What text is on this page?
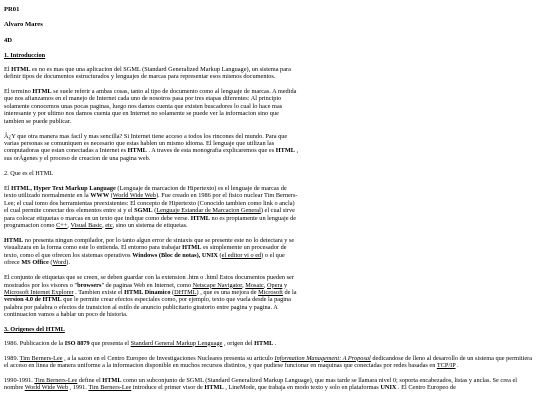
PR01
Alvaro Mares
4D
1. Introduccion

El HTML es no es mas que una aplicacion del SGML (Standard Generalized Markup Language), un sistema para definir tipos de documentos estructurados y lenguajes de marcas para representar esos mismos documentos.

El termino HTML se suele referir a ambas cosas, tanto al tipo de documento como al lenguaje de marcas. A medida que nos afianzamos en el manejo de Internet cada uno de nosotros pasa por tres etapas diferentes: Al principio solamente conocemos unas pocas paginas, luego nos damos cuenta que existen buscadores lo cual lo hace mas interesante y por ultimo nos damos cuenta que en Internet no solamente se puede ver la informacion sino que tambien se puede publicar.

Â¿Y que otra manera mas facil y mas sencilla? Si Internet tiene acceso a todos los rincones del mundo. Para que varias personas se comuniquen es necesario que estas hablen un mismo idioma. El lenguaje que utilizan las computadoras que estan conectadas a Internet es HTML . A traves de esta monografia explicaremos que es HTML , sus orÃgenes y el proceso de creacion de una pagina web.

2. Que es el HTML

El HTML, Hyper Text Markup Language (Lenguaje de marcacion de Hipertexto) es el lenguaje de marcas de texto utilizado normalmente en la WWW (World Wide Web). Fue creado en 1986 por el fisico nuclear Tim Berners-Lee; el cual tomo dos herramientas preexistentes: El concepto de Hipertexto (Conocido tambien como link o ancla) el cual permite conectar dos elementos entre si y el SGML (Lenguaje Estandar de Marcacion General) el cual sirve para colocar etiquetas o marcas en un texto que indique como debe verse. HTML no es propiamente un lenguaje de programacion como C++, Visual Basic, etc, sino un sistema de etiquetas.

HTML no presenta ningun compilador, por lo tanto algun error de sintaxis que se presente este no lo detectara y se visualizara en la forma como este lo entienda. El entorno para trabajar HTML es simplemente un procesador de texto, como el que ofrecen los sistemas operativos Windows (Bloc de notas), UNIX (el editor vi o ed) o el que ofrece MS Office (Word).

El conjunto de etiquetas que se creen, se deben guardar con la extension .htm o .html Estos documentos pueden ser mostrados por los visores o "browsers" de paginas Web en Internet, como Netscape Navigator, Mosaic, Opera y Microsoft Internet Explorer . Tambien existe el HTML Dinamico (DHTML) , que es una mejora de Microsoft de la version 4.0 de HTML que le permite crear efectos especiales como, por ejemplo, texto que vuela desde la pagina palabra por palabra o efectos de transicion al estilo de anuncio publicitario giratorio entre pagina y pagina. A continuacion vamos a hablar un poco de historia.

3. Origenes del HTML

1986. Publicacion de la ISO 8879 que presenta el Standard General Markup Lenguage , origen del HTML .

1989. Tim Berners-Lee , a la sazon en el Centro Europeo de Investigaciones Nucleares presenta su articulo Information Management: A Proposal dedicandose de lleno al desarrollo de un sistema que permitiera el acceso en linea de manera uniforme a la informacion disponible en muchos recursos distintos, y que pudiese funcionar en maquinas que conectadas por redes basadas en TCP/IP .

1990-1991. Tim Berners-Lee define el HTML como un subconjunto de SGML (Standard Generalized Markup Language), que mas tarde se llamara nivel 0; soporta encabezados, listas y anclas. Se crea el nombre World Wide Web , 1991. Tim Berners-Lee introduce el primer visor de HTML , LineMode, que trabaja en modo texto y solo en plataformas UNIX . El Centro Europeo de
